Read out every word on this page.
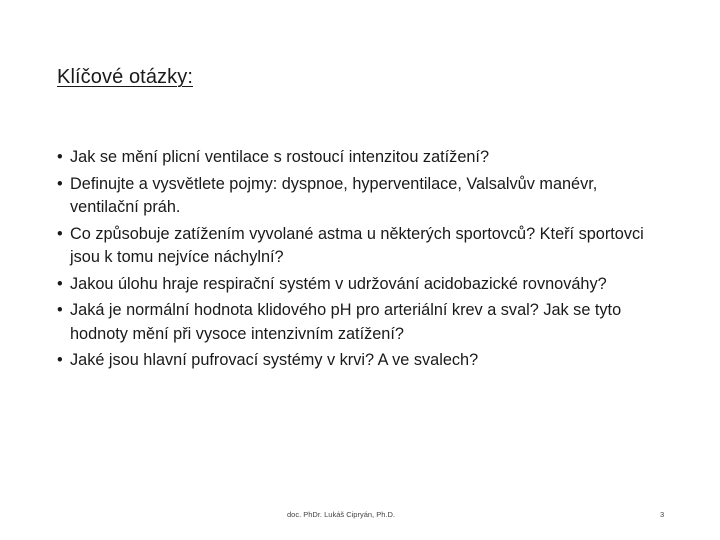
Klíčové otázky:
• Jak se mění plicní ventilace s rostoucí intenzitou zatížení?
• Definujte a vysvětlete pojmy: dyspnoe, hyperventilace, Valsalvův manévr, ventilační práh.
• Co způsobuje zatížením vyvolané astma u některých sportovců? Kteří sportovci jsou k tomu nejvíce náchylní?
• Jakou úlohu hraje respirační systém v udržování acidobazické rovnováhy?
• Jaká je normální hodnota klidového pH pro arteriální krev a sval? Jak se tyto hodnoty mění při vysoce intenzivním zatížení?
• Jaké jsou hlavní pufrovací systémy v krvi? A ve svalech?
doc. PhDr. Lukáš Cipryán, Ph.D.	3
